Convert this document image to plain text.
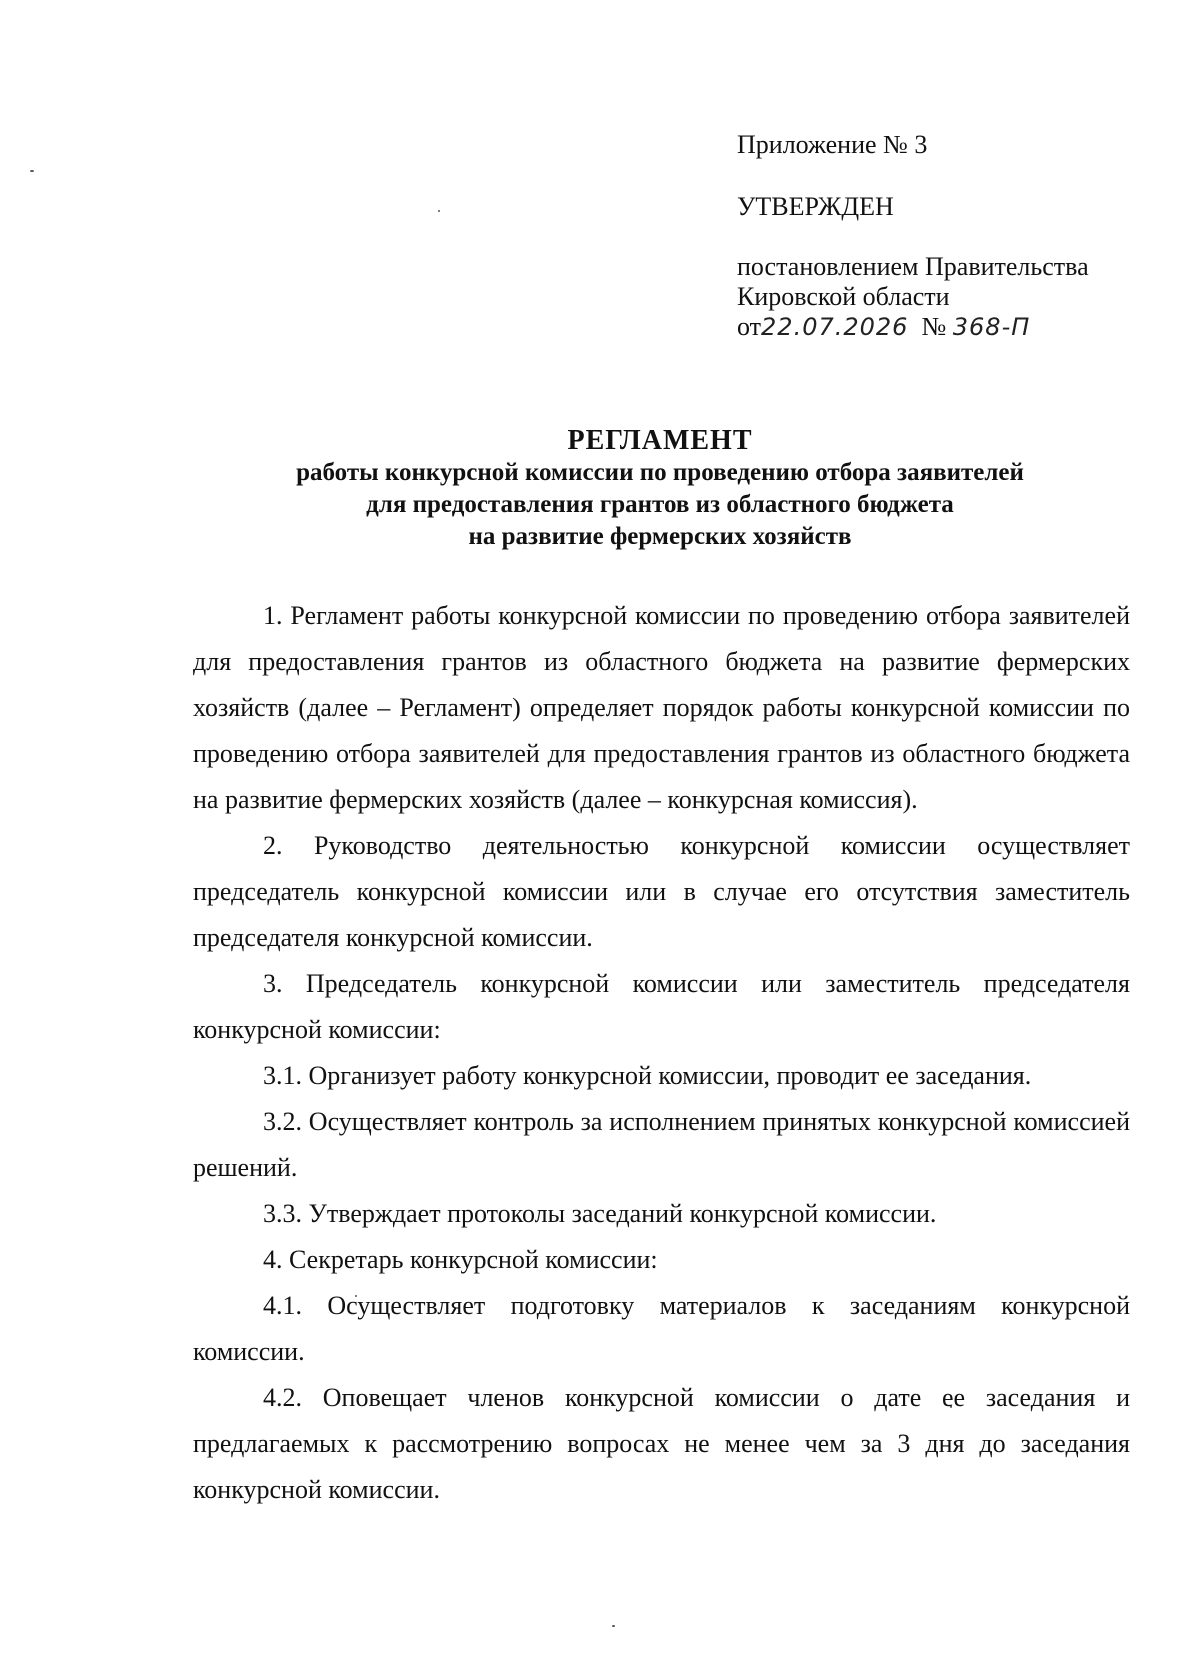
Приложение № 3
УТВЕРЖДЕН
постановлением Правительства
Кировской области
от22.07.2026 № 368-П
РЕГЛАМЕНТ
работы конкурсной комиссии по проведению отбора заявителей
для предоставления грантов из областного бюджета
на развитие фермерских хозяйств

1. Регламент работы конкурсной комиссии по проведению отбора заявителей для предоставления грантов из областного бюджета на развитие фермерских хозяйств (далее – Регламент) определяет порядок работы конкурсной комиссии по проведению отбора заявителей для предоставления грантов из областного бюджета на развитие фермерских хозяйств (далее – конкурсная комиссия).

2. Руководство деятельностью конкурсной комиссии осуществляет председатель конкурсной комиссии или в случае его отсутствия заместитель председателя конкурсной комиссии.

3. Председатель конкурсной комиссии или заместитель председателя конкурсной комиссии:

3.1. Организует работу конкурсной комиссии, проводит ее заседания.

3.2. Осуществляет контроль за исполнением принятых конкурсной комиссией решений.

3.3. Утверждает протоколы заседаний конкурсной комиссии.

4. Секретарь конкурсной комиссии:

4.1. Осуществляет подготовку материалов к заседаниям конкурсной комиссии.

4.2. Оповещает членов конкурсной комиссии о дате ее заседания и предлагаемых к рассмотрению вопросах не менее чем за 3 дня до заседания конкурсной комиссии.
